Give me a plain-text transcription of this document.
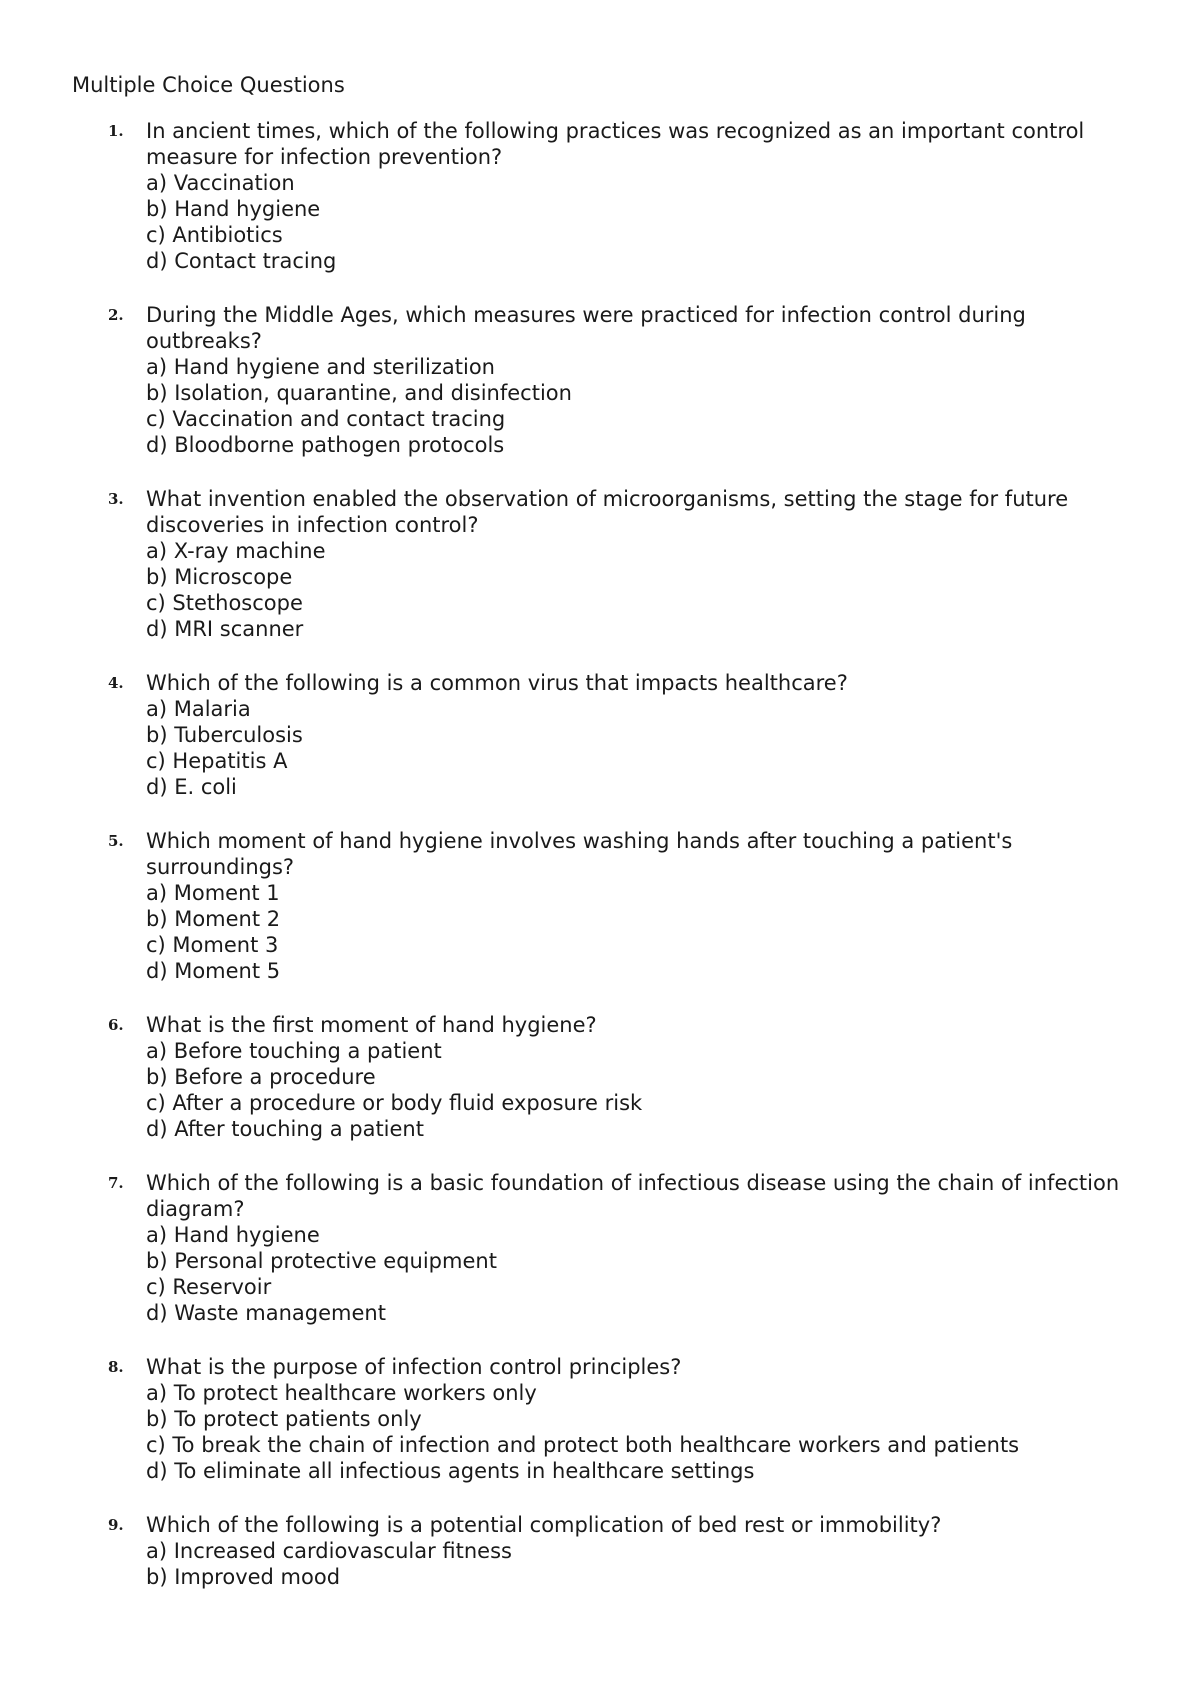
Multiple Choice Questions
1. In ancient times, which of the following practices was recognized as an important control measure for infection prevention?
a) Vaccination
b) Hand hygiene
c) Antibiotics
d) Contact tracing
2. During the Middle Ages, which measures were practiced for infection control during outbreaks?
a) Hand hygiene and sterilization
b) Isolation, quarantine, and disinfection
c) Vaccination and contact tracing
d) Bloodborne pathogen protocols
3. What invention enabled the observation of microorganisms, setting the stage for future discoveries in infection control?
a) X-ray machine
b) Microscope
c) Stethoscope
d) MRI scanner
4. Which of the following is a common virus that impacts healthcare?
a) Malaria
b) Tuberculosis
c) Hepatitis A
d) E. coli
5. Which moment of hand hygiene involves washing hands after touching a patient's surroundings?
a) Moment 1
b) Moment 2
c) Moment 3
d) Moment 5
6. What is the first moment of hand hygiene?
a) Before touching a patient
b) Before a procedure
c) After a procedure or body fluid exposure risk
d) After touching a patient
7. Which of the following is a basic foundation of infectious disease using the chain of infection diagram?
a) Hand hygiene
b) Personal protective equipment
c) Reservoir
d) Waste management
8. What is the purpose of infection control principles?
a) To protect healthcare workers only
b) To protect patients only
c) To break the chain of infection and protect both healthcare workers and patients
d) To eliminate all infectious agents in healthcare settings
9. Which of the following is a potential complication of bed rest or immobility?
a) Increased cardiovascular fitness
b) Improved mood
